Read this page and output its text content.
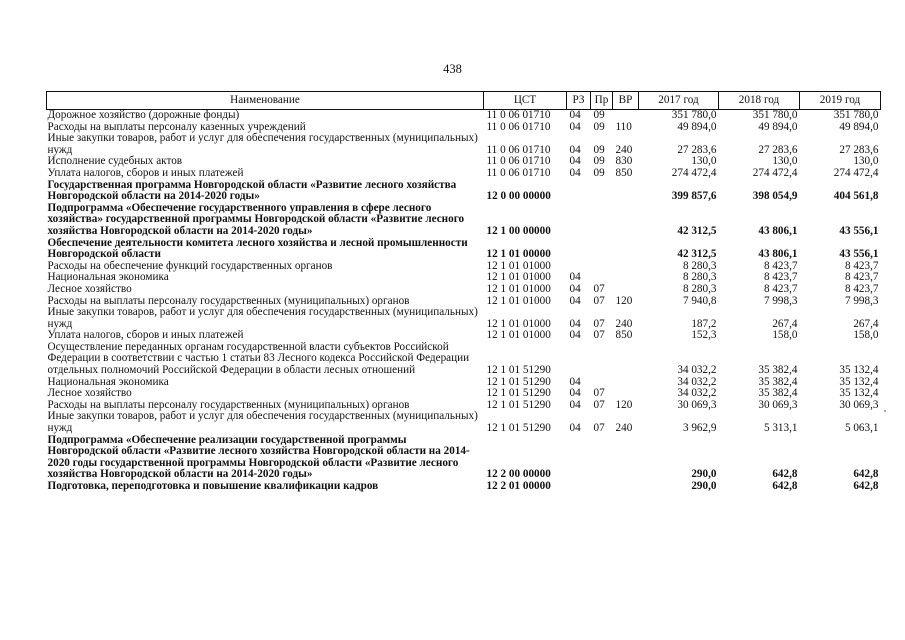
438
Наименование	ЦСТ	РЗ	Пр	ВР	2017 год	2018 год	2019 год
Дорожное хозяйство (дорожные фонды)	11 0 06 01710	04	09		351 780,0	351 780,0	351 780,0
Расходы на выплаты персоналу казенных учреждений	11 0 06 01710	04	09	110	49 894,0	49 894,0	49 894,0
Иные закупки товаров, работ и услуг для обеспечения государственных (муниципальных) нужд	11 0 06 01710	04	09	240	27 283,6	27 283,6	27 283,6
Исполнение судебных актов	11 0 06 01710	04	09	830	130,0	130,0	130,0
Уплата налогов, сборов и иных платежей	11 0 06 01710	04	09	850	274 472,4	274 472,4	274 472,4
Государственная программа Новгородской области «Развитие лесного хозяйства Новгородской области на 2014-2020 годы»	12 0 00 00000				399 857,6	398 054,9	404 561,8
Подпрограмма «Обеспечение государственного управления в сфере лесного хозяйства» государственной программы Новгородской области «Развитие лесного хозяйства Новгородской области на 2014-2020 годы»	12 1 00 00000				42 312,5	43 806,1	43 556,1
Обеспечение деятельности комитета лесного хозяйства и лесной промышленности Новгородской области	12 1 01 00000				42 312,5	43 806,1	43 556,1
Расходы на обеспечение функций государственных органов	12 1 01 01000				8 280,3	8 423,7	8 423,7
Национальная экономика	12 1 01 01000	04			8 280,3	8 423,7	8 423,7
Лесное хозяйство	12 1 01 01000	04	07		8 280,3	8 423,7	8 423,7
Расходы на выплаты персоналу государственных (муниципальных) органов	12 1 01 01000	04	07	120	7 940,8	7 998,3	7 998,3
Иные закупки товаров, работ и услуг для обеспечения государственных (муниципальных) нужд	12 1 01 01000	04	07	240	187,2	267,4	267,4
Уплата налогов, сборов и иных платежей	12 1 01 01000	04	07	850	152,3	158,0	158,0
Осуществление переданных органам государственной власти субъектов Российской Федерации в соответствии с частью 1 статьи 83 Лесного кодекса Российской Федерации отдельных полномочий Российской Федерации в области лесных отношений	12 1 01 51290				34 032,2	35 382,4	35 132,4
Национальная экономика	12 1 01 51290	04			34 032,2	35 382,4	35 132,4
Лесное хозяйство	12 1 01 51290	04	07		34 032,2	35 382,4	35 132,4
Расходы на выплаты персоналу государственных (муниципальных) органов	12 1 01 51290	04	07	120	30 069,3	30 069,3	30 069,3
Иные закупки товаров, работ и услуг для обеспечения государственных (муниципальных) нужд	12 1 01 51290	04	07	240	3 962,9	5 313,1	5 063,1
Подпрограмма «Обеспечение реализации государственной программы Новгородской области «Развитие лесного хозяйства Новгородской области на 2014-2020 годы государственной программы Новгородской области «Развитие лесного хозяйства Новгородской области на 2014-2020 годы»	12 2 00 00000				290,0	642,8	642,8
Подготовка, переподготовка и повышение квалификации кадров	12 2 01 00000				290,0	642,8	642,8
